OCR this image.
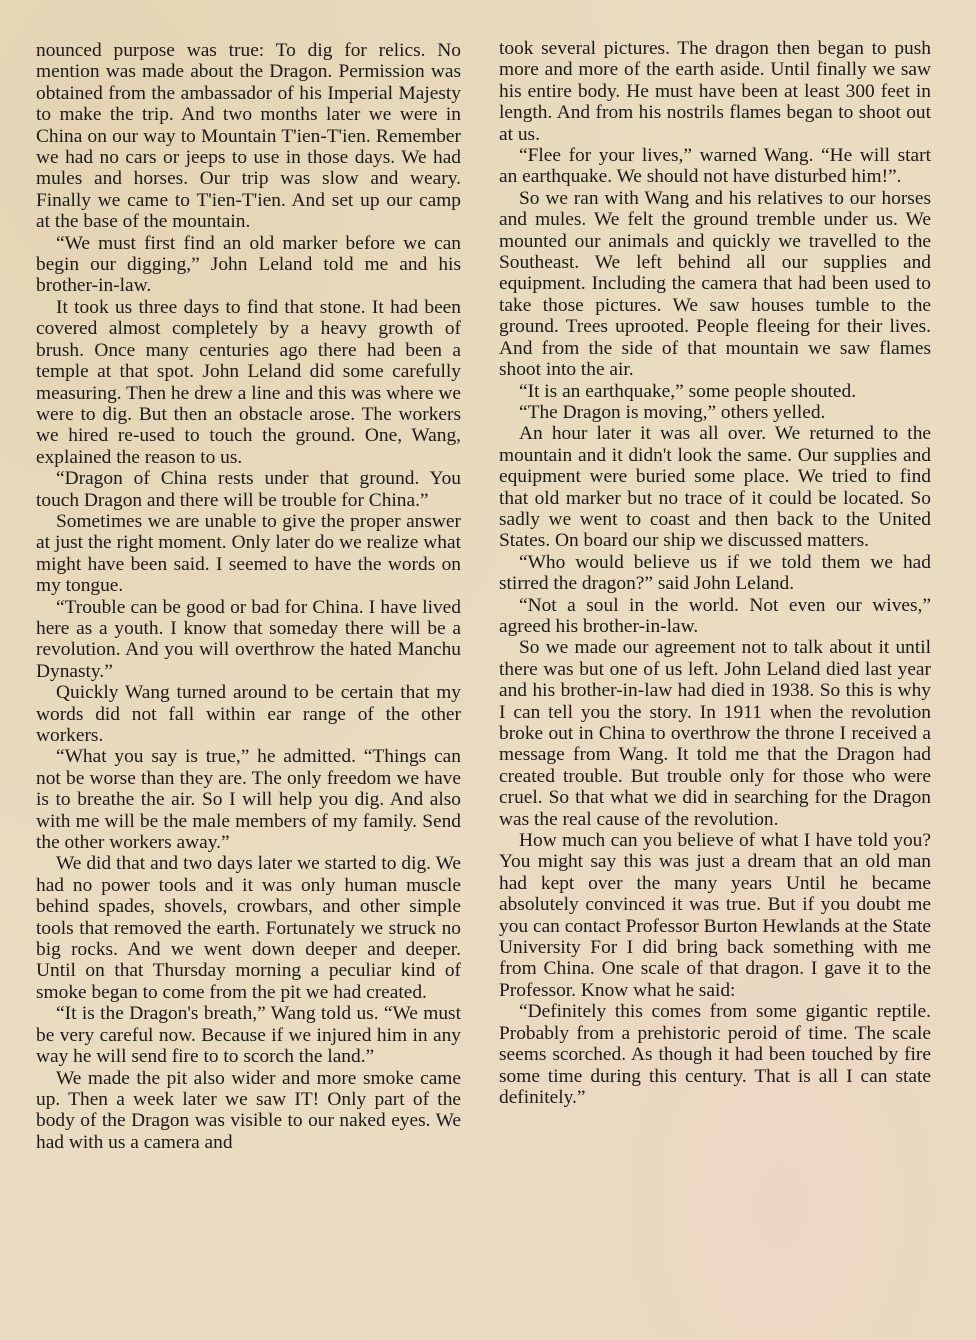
nounced purpose was true: To dig for relics. No mention was made about the Dragon. Permission was obtained from the ambassador of his Imperial Majesty to make the trip. And two months later we were in China on our way to Mountain T'ien-T'ien. Remember we had no cars or jeeps to use in those days. We had mules and horses. Our trip was slow and weary. Finally we came to T'ien-T'ien. And set up our camp at the base of the mountain.

“We must first find an old marker before we can begin our digging,” John Leland told me and his brother-in-law.

It took us three days to find that stone. It had been covered almost completely by a heavy growth of brush. Once many centuries ago there had been a temple at that spot. John Leland did some carefully measuring. Then he drew a line and this was where we were to dig. But then an obstacle arose. The workers we hired re-used to touch the ground. One, Wang, explained the reason to us.

“Dragon of China rests under that ground. You touch Dragon and there will be trouble for China.”

Sometimes we are unable to give the proper answer at just the right moment. Only later do we realize what might have been said. I seemed to have the words on my tongue.

“Trouble can be good or bad for China. I have lived here as a youth. I know that someday there will be a revolution. And you will overthrow the hated Manchu Dynasty.”

Quickly Wang turned around to be certain that my words did not fall within ear range of the other workers.

“What you say is true,” he admitted. “Things can not be worse than they are. The only freedom we have is to breathe the air. So I will help you dig. And also with me will be the male members of my family. Send the other workers away.”

We did that and two days later we started to dig. We had no power tools and it was only human muscle behind spades, shovels, crowbars, and other simple tools that removed the earth. Fortunately we struck no big rocks. And we went down deeper and deeper. Until on that Thursday morning a peculiar kind of smoke began to come from the pit we had created.

“It is the Dragon's breath,” Wang told us. “We must be very careful now. Because if we injured him in any way he will send fire to to scorch the land.”

We made the pit also wider and more smoke came up. Then a week later we saw IT! Only part of the body of the Dragon was visible to our naked eyes. We had with us a camera and

took several pictures. The dragon then began to push more and more of the earth aside. Until finally we saw his entire body. He must have been at least 300 feet in length. And from his nostrils flames began to shoot out at us.

“Flee for your lives,” warned Wang. “He will start an earthquake. We should not have disturbed him!”.

So we ran with Wang and his relatives to our horses and mules. We felt the ground tremble under us. We mounted our animals and quickly we travelled to the Southeast. We left behind all our supplies and equipment. Including the camera that had been used to take those pictures. We saw houses tumble to the ground. Trees uprooted. People fleeing for their lives. And from the side of that mountain we saw flames shoot into the air.

“It is an earthquake,” some people shouted.

“The Dragon is moving,” others yelled.

An hour later it was all over. We returned to the mountain and it didn't look the same. Our supplies and equipment were buried some place. We tried to find that old marker but no trace of it could be located. So sadly we went to coast and then back to the United States. On board our ship we discussed matters.

“Who would believe us if we told them we had stirred the dragon?” said John Leland.

“Not a soul in the world. Not even our wives,” agreed his brother-in-law.

So we made our agreement not to talk about it until there was but one of us left. John Leland died last year and his brother-in-law had died in 1938. So this is why I can tell you the story. In 1911 when the revolution broke out in China to overthrow the throne I received a message from Wang. It told me that the Dragon had created trouble. But trouble only for those who were cruel. So that what we did in searching for the Dragon was the real cause of the revolution.

How much can you believe of what I have told you? You might say this was just a dream that an old man had kept over the many years Until he became absolutely convinced it was true. But if you doubt me you can contact Professor Burton Hewlands at the State University For I did bring back something with me from China. One scale of that dragon. I gave it to the Professor. Know what he said:

“Definitely this comes from some gigantic reptile. Probably from a prehistoric peroid of time. The scale seems scorched. As though it had been touched by fire some time during this century. That is all I can state definitely.”
